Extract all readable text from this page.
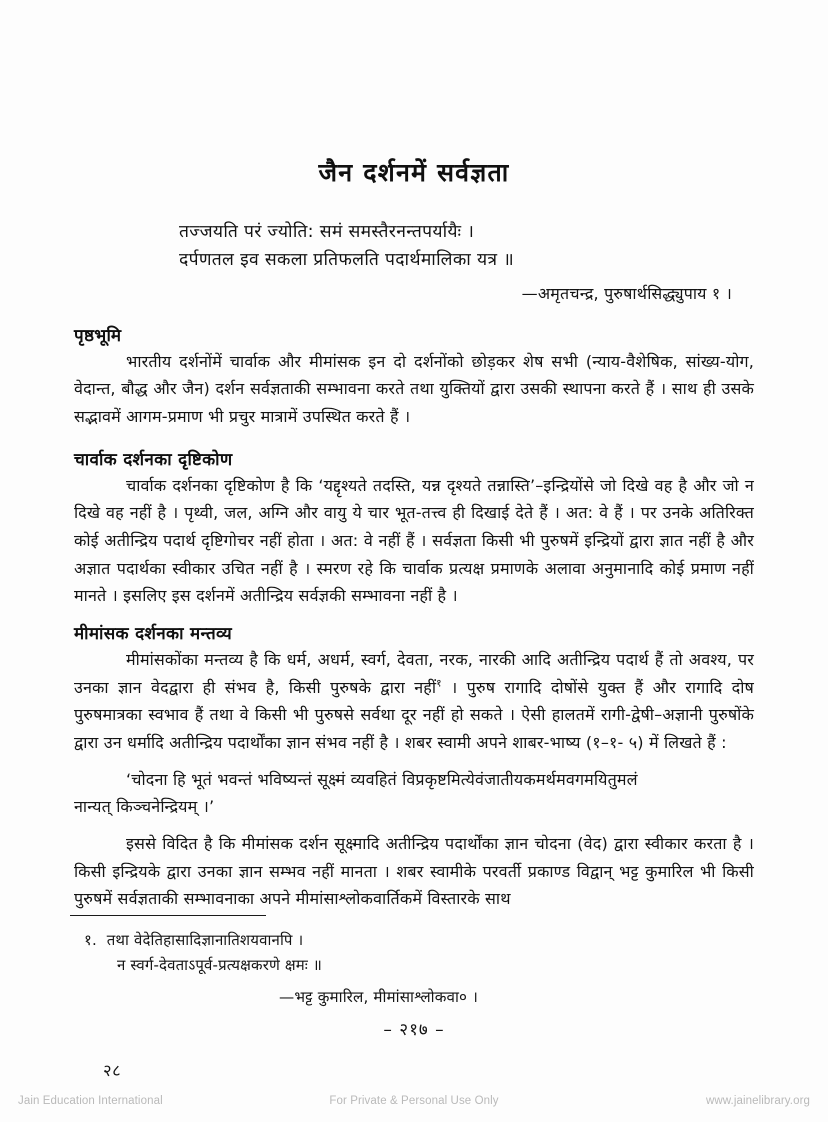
जैन दर्शनमें सर्वज्ञता
तज्जयति परं ज्योति: समं समस्तैरनन्तपर्यायैः ।
दर्पणतल इव सकला प्रतिफलति पदार्थमालिका यत्र ॥
—अमृतचन्द्र, पुरुषार्थसिद्ध्युपाय १ ।
पृष्ठभूमि

भारतीय दर्शनोंमें चार्वाक और मीमांसक इन दो दर्शनोंको छोड़कर शेष सभी (न्याय-वैशेषिक, सांख्य-योग, वेदान्त, बौद्ध और जैन) दर्शन सर्वज्ञताकी सम्भावना करते तथा युक्तियों द्वारा उसकी स्थापना करते हैं । साथ ही उसके सद्भावमें आगम-प्रमाण भी प्रचुर मात्रामें उपस्थित करते हैं ।

चार्वाक दर्शनका दृष्टिकोण

चार्वाक दर्शनका दृष्टिकोण है कि ‘यद्दृश्यते तदस्ति, यन्न दृश्यते तन्नास्ति’–इन्द्रियोंसे जो दिखे वह है और जो न दिखे वह नहीं है । पृथ्वी, जल, अग्नि और वायु ये चार भूत-तत्त्व ही दिखाई देते हैं । अत: वे हैं । पर उनके अतिरिक्त कोई अतीन्द्रिय पदार्थ दृष्टिगोचर नहीं होता । अत: वे नहीं हैं । सर्वज्ञता किसी भी पुरुषमें इन्द्रियों द्वारा ज्ञात नहीं है और अज्ञात पदार्थका स्वीकार उचित नहीं है । स्मरण रहे कि चार्वाक प्रत्यक्ष प्रमाणके अलावा अनुमानादि कोई प्रमाण नहीं मानते । इसलिए इस दर्शनमें अतीन्द्रिय सर्वज्ञकी सम्भावना नहीं है ।

मीमांसक दर्शनका मन्तव्य

मीमांसकोंका मन्तव्य है कि धर्म, अधर्म, स्वर्ग, देवता, नरक, नारकी आदि अतीन्द्रिय पदार्थ हैं तो अवश्य, पर उनका ज्ञान वेदद्वारा ही संभव है, किसी पुरुषके द्वारा नहीं$^१$ । पुरुष रागादि दोषोंसे युक्त हैं और रागादि दोष पुरुषमात्रका स्वभाव हैं तथा वे किसी भी पुरुषसे सर्वथा दूर नहीं हो सकते । ऐसी हालतमें रागी-द्वेषी–अज्ञानी पुरुषोंके द्वारा उन धर्मादि अतीन्द्रिय पदार्थोंका ज्ञान संभव नहीं है । शबर स्वामी अपने शाबर-भाष्य (१–१- ५) में लिखते हैं :

‘चोदना हि भूतं भवन्तं भविष्यन्तं सूक्ष्मं व्यवहितं विप्रकृष्टमित्येवंजातीयकमर्थमवगमयितुमलं
नान्यत् किञ्चनेन्द्रियम् ।’

इससे विदित है कि मीमांसक दर्शन सूक्ष्मादि अतीन्द्रिय पदार्थोंका ज्ञान चोदना (वेद) द्वारा स्वीकार करता है । किसी इन्द्रियके द्वारा उनका ज्ञान सम्भव नहीं मानता । शबर स्वामीके परवर्ती प्रकाण्ड विद्वान् भट्ट कुमारिल भी किसी पुरुषमें सर्वज्ञताकी सम्भावनाका अपने मीमांसाश्लोकवार्तिकमें विस्तारके साथ

१. तथा वेदेतिहासादिज्ञानातिशयवानपि ।
न स्वर्ग-देवताऽपूर्व-प्रत्यक्षकरणे क्षमः ॥
—भट्ट कुमारिल, मीमांसाश्लोकवा० ।
– २१७ –
२८
Jain Education International	For Private & Personal Use Only	www.jainelibrary.org
